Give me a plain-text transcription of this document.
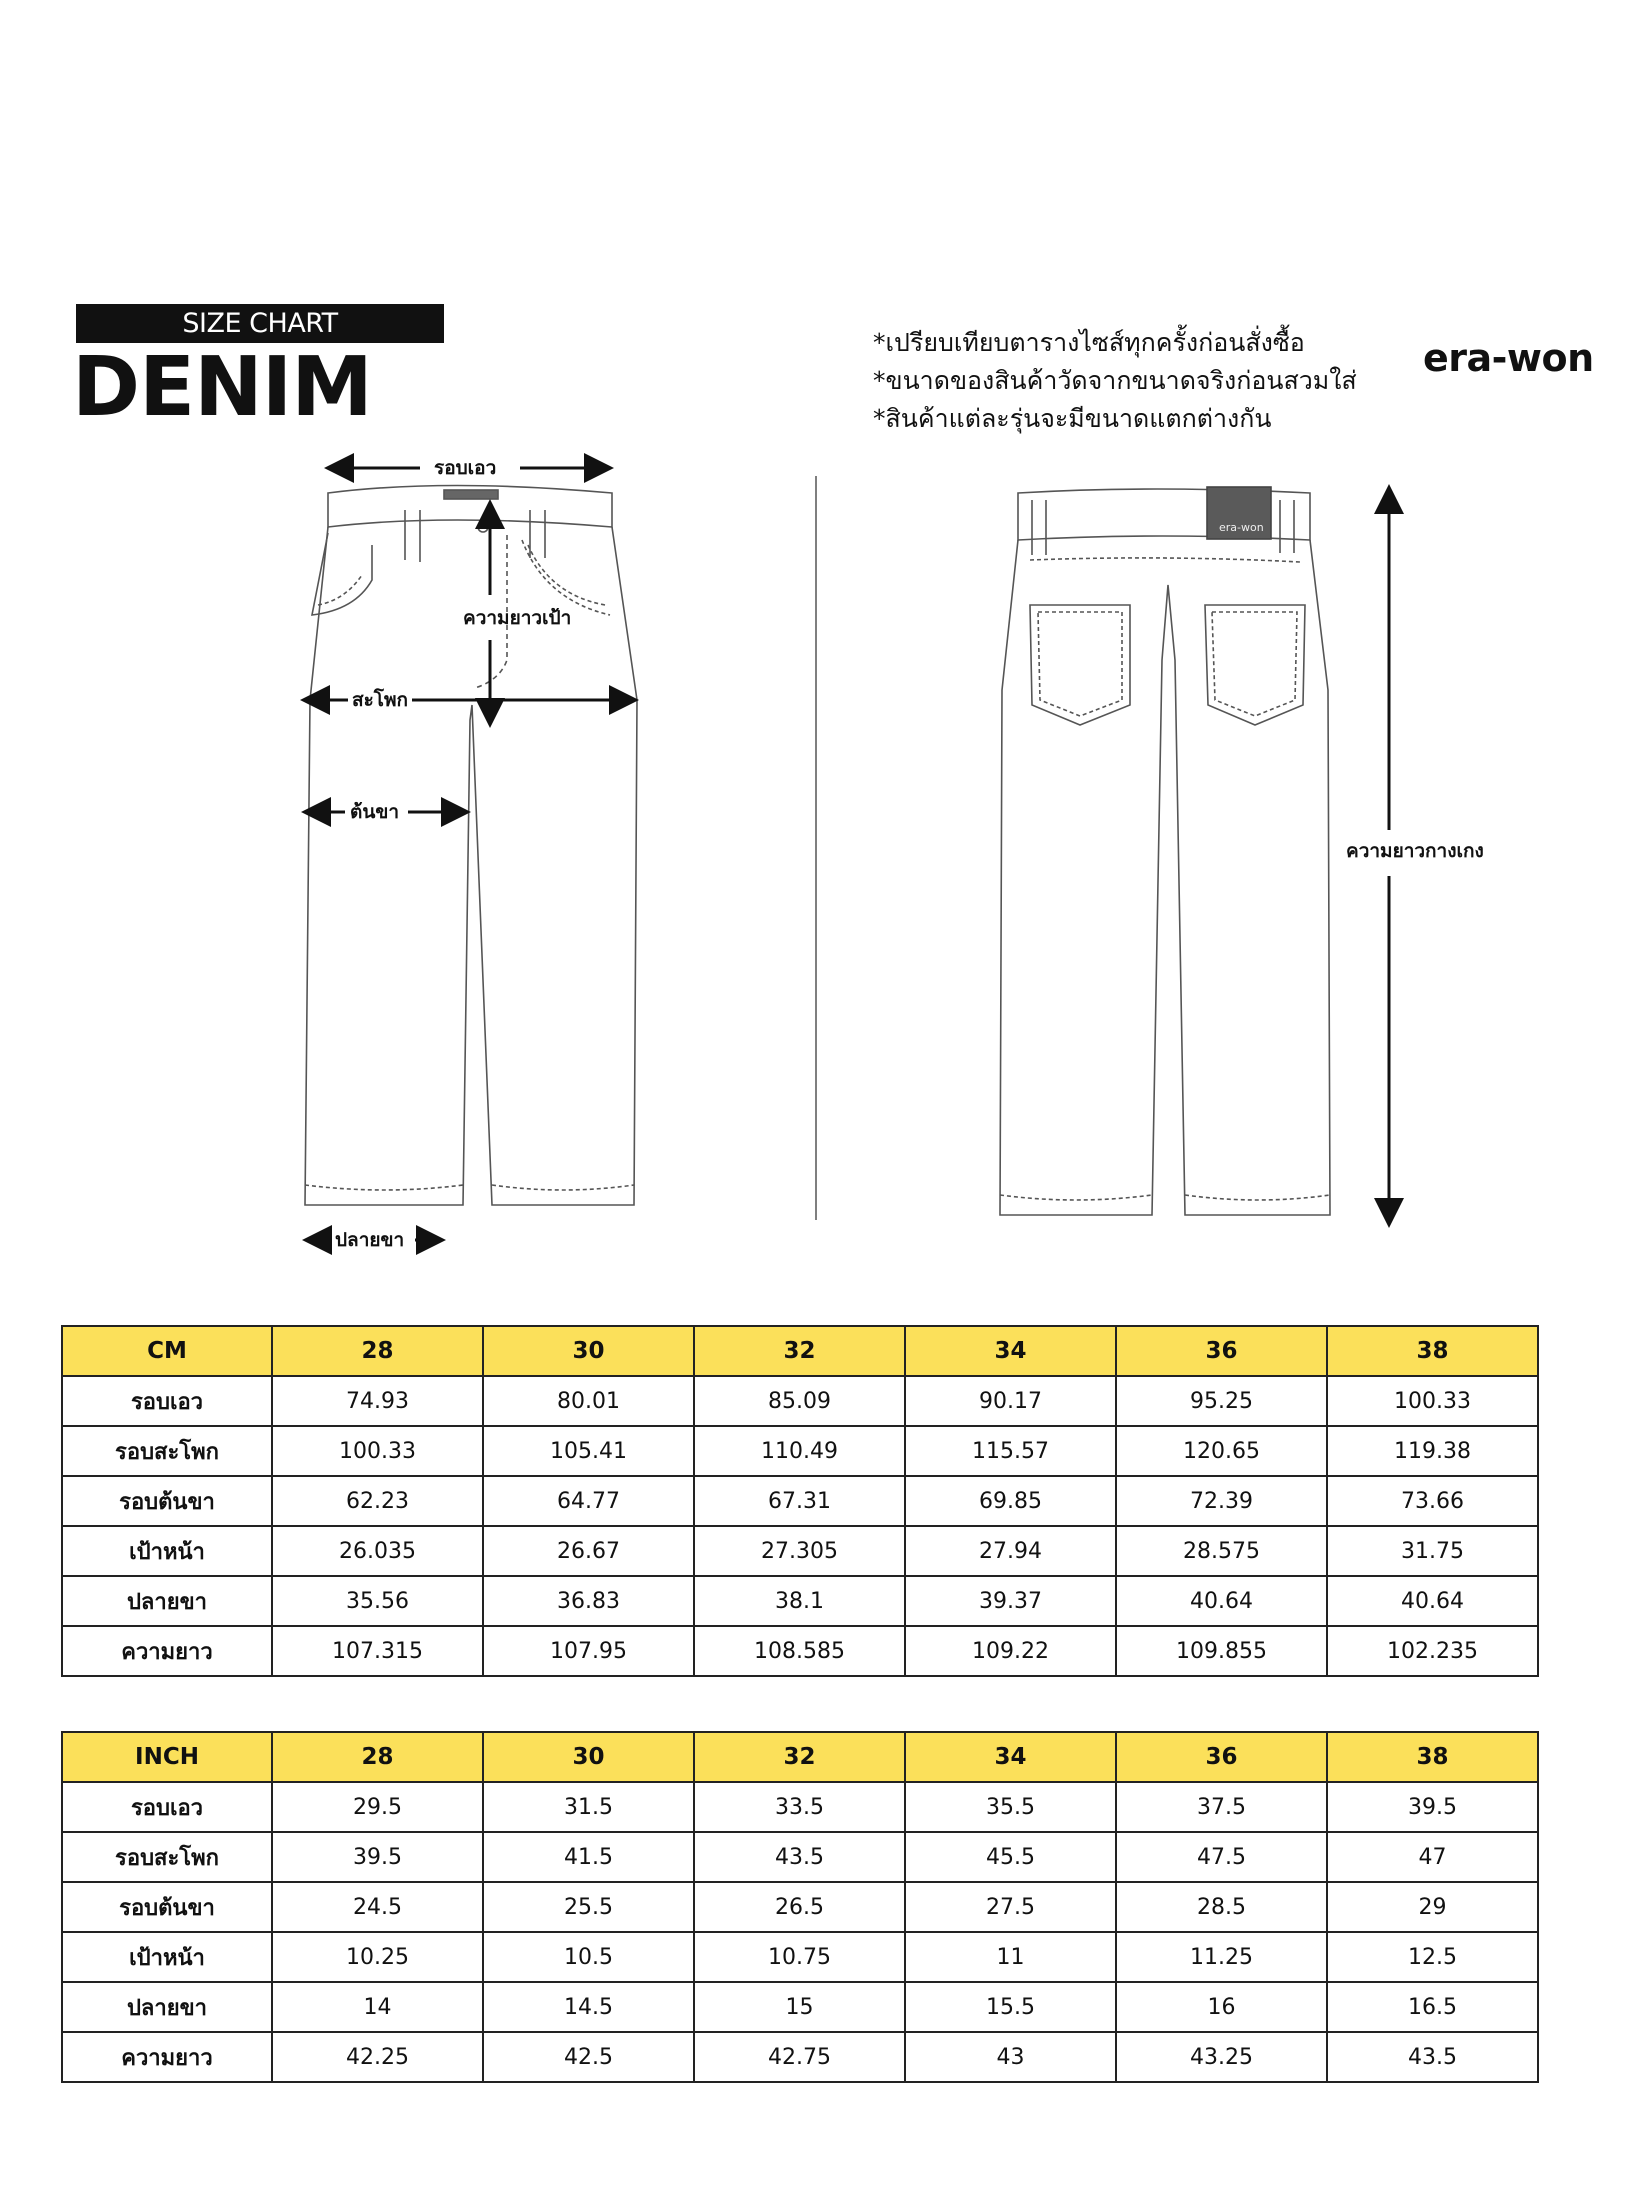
SIZE CHART
DENIM	*เปรียบเทียบตารางไซส์ทุกครั้งก่อนสั่งซื้อ
*ขนาดของสินค้าวัดจากขนาดจริงก่อนสวมใส่
*สินค้าแต่ละรุ่นจะมีขนาดแตกต่างกัน
era-won
รอบเอว
ความยาวเป้า
สะโพก
ต้นขา
ปลายขา
era-won
ความยาวกางเกง
CM	28	30	32	34	36	38
รอบเอว	74.93	80.01	85.09	90.17	95.25	100.33
รอบสะโพก	100.33	105.41	110.49	115.57	120.65	119.38
รอบต้นขา	62.23	64.77	67.31	69.85	72.39	73.66
เป้าหน้า	26.035	26.67	27.305	27.94	28.575	31.75
ปลายขา	35.56	36.83	38.1	39.37	40.64	40.64
ความยาว	107.315	107.95	108.585	109.22	109.855	102.235
INCH	28	30	32	34	36	38
รอบเอว	29.5	31.5	33.5	35.5	37.5	39.5
รอบสะโพก	39.5	41.5	43.5	45.5	47.5	47
รอบต้นขา	24.5	25.5	26.5	27.5	28.5	29
เป้าหน้า	10.25	10.5	10.75	11	11.25	12.5
ปลายขา	14	14.5	15	15.5	16	16.5
ความยาว	42.25	42.5	42.75	43	43.25	43.5
